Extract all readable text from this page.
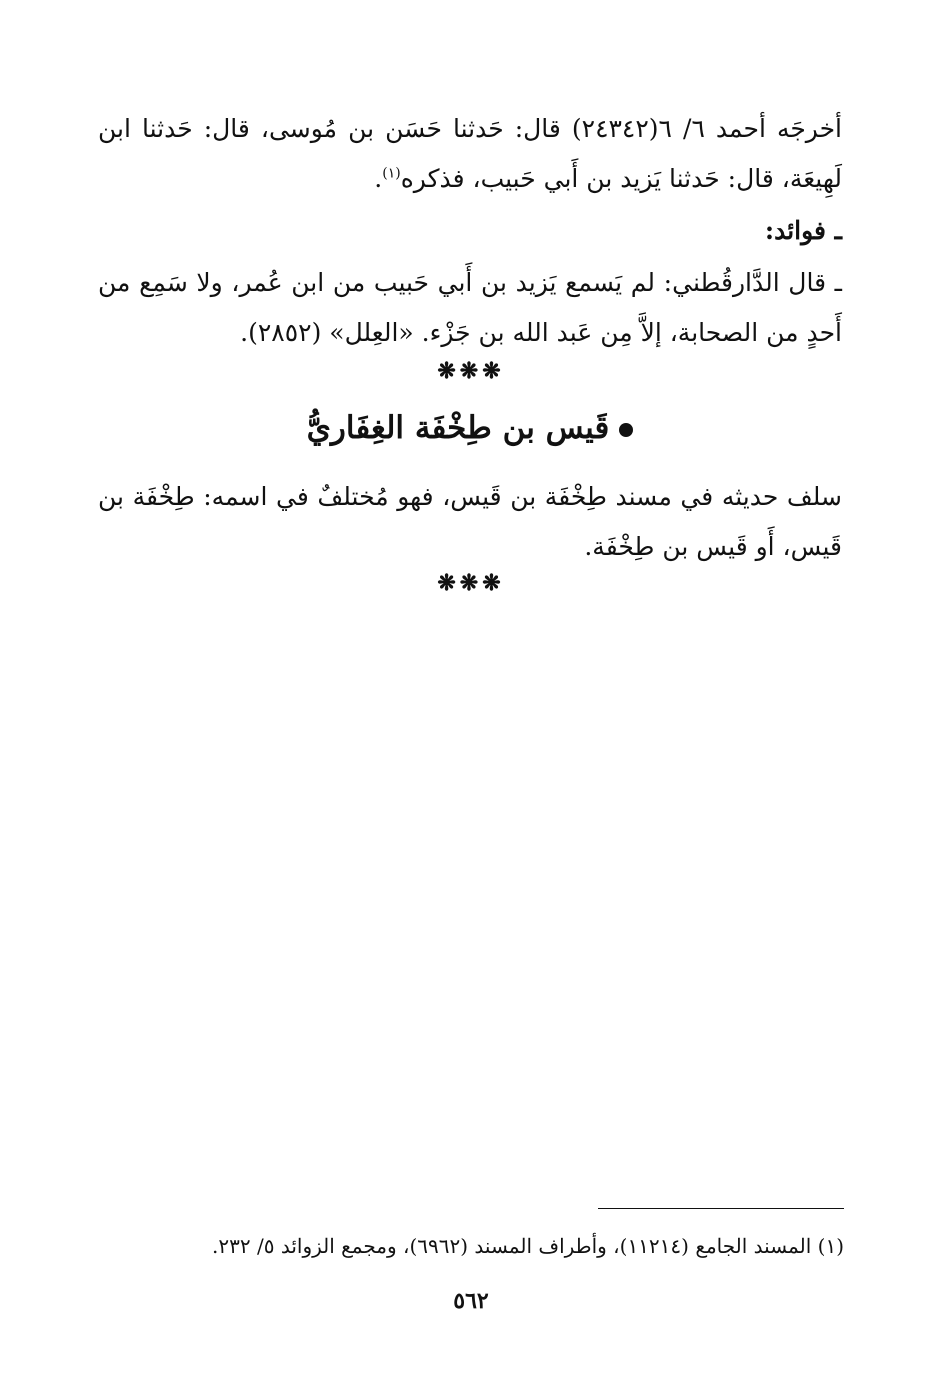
أخرجَه أحمد ٦/ ٦(٢٤٣٤٢) قال: حَدثنا حَسَن بن مُوسى، قال: حَدثنا ابن لَهِيعَة، قال: حَدثنا يَزيد بن أَبي حَبيب، فذكره$^{(١)}$.
ـ فوائد:
ـ قال الدَّارقُطني: لم يَسمع يَزيد بن أَبي حَبيب من ابن عُمر، ولا سَمِع من أَحدٍ من الصحابة، إلاَّ مِن عَبد الله بن جَزْء. «العِلل» (٢٨٥٢).
❋❋❋
قَيس بن طِخْفَة الغِفَاريُّ
سلف حديثه في مسند طِخْفَة بن قَيس، فهو مُختلفٌ في اسمه: طِخْفَة بن قَيس، أَو قَيس بن طِخْفَة.
❋❋❋
(١) المسند الجامع (١١٢١٤)، وأطراف المسند (٦٩٦٢)، ومجمع الزوائد ٥/ ٢٣٢.
٥٦٢
